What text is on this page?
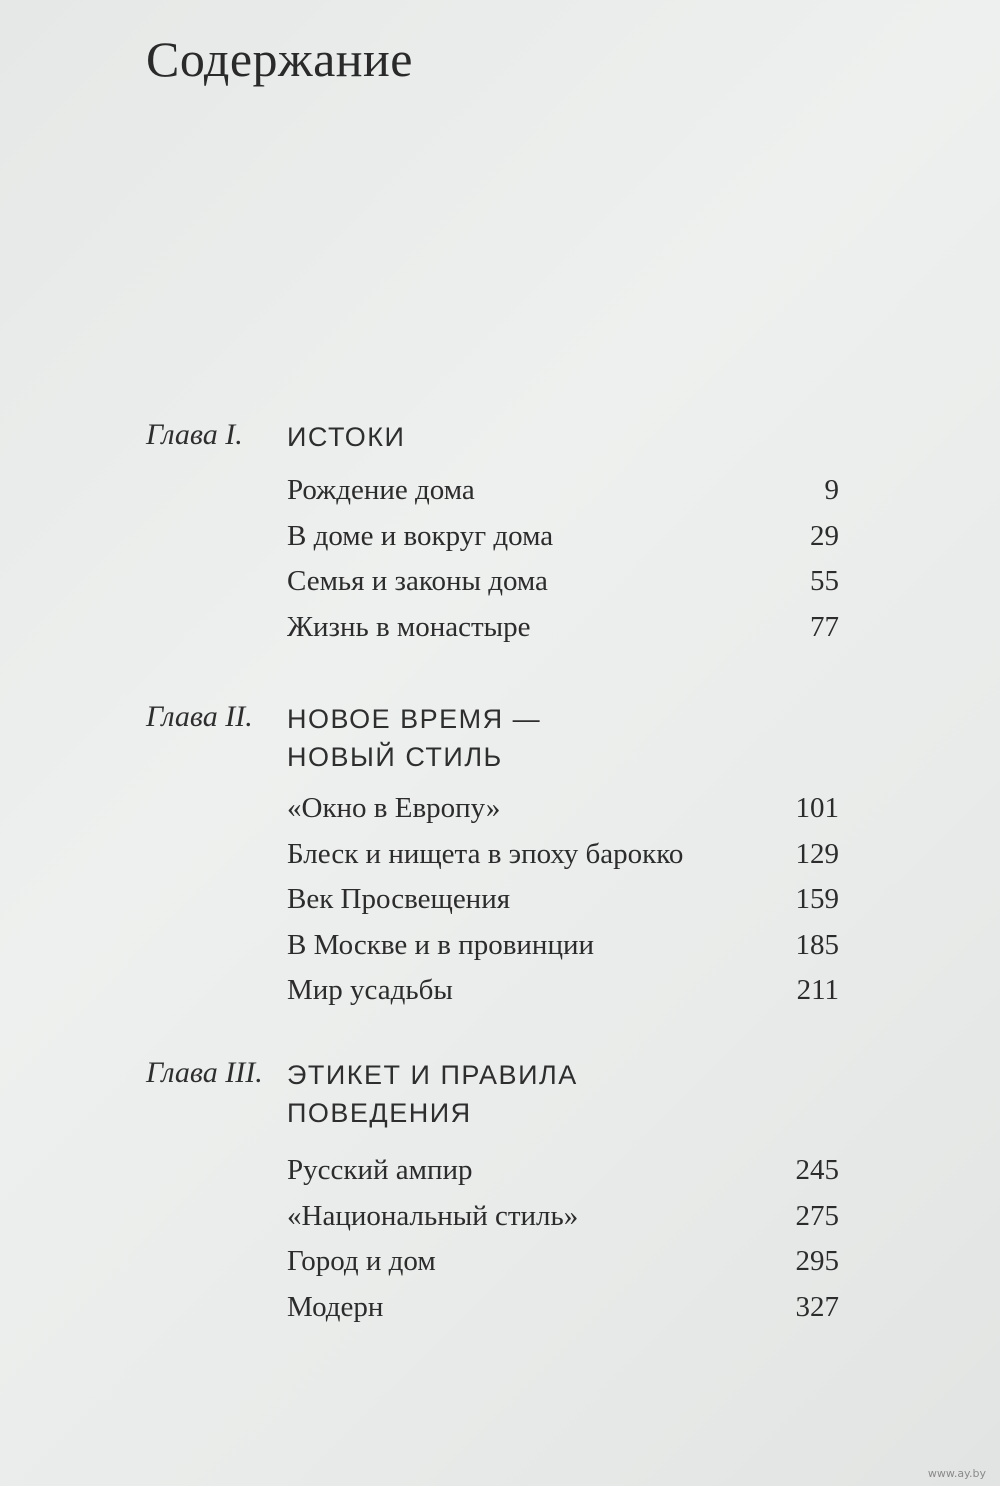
Содержание
Глава I. ИСТОКИ
Рождение дома	9
В доме и вокруг дома	29
Семья и законы дома	55
Жизнь в монастыре	77
Глава II. НОВОЕ ВРЕМЯ —
НОВЫЙ СТИЛЬ
«Окно в Европу»	101
Блеск и нищета в эпоху барокко	129
Век Просвещения	159
В Москве и в провинции	185
Мир усадьбы	211
Глава III. ЭТИКЕТ И ПРАВИЛА
ПОВЕДЕНИЯ
Русский ампир	245
«Национальный стиль»	275
Город и дом	295
Модерн	327
www.ay.by
